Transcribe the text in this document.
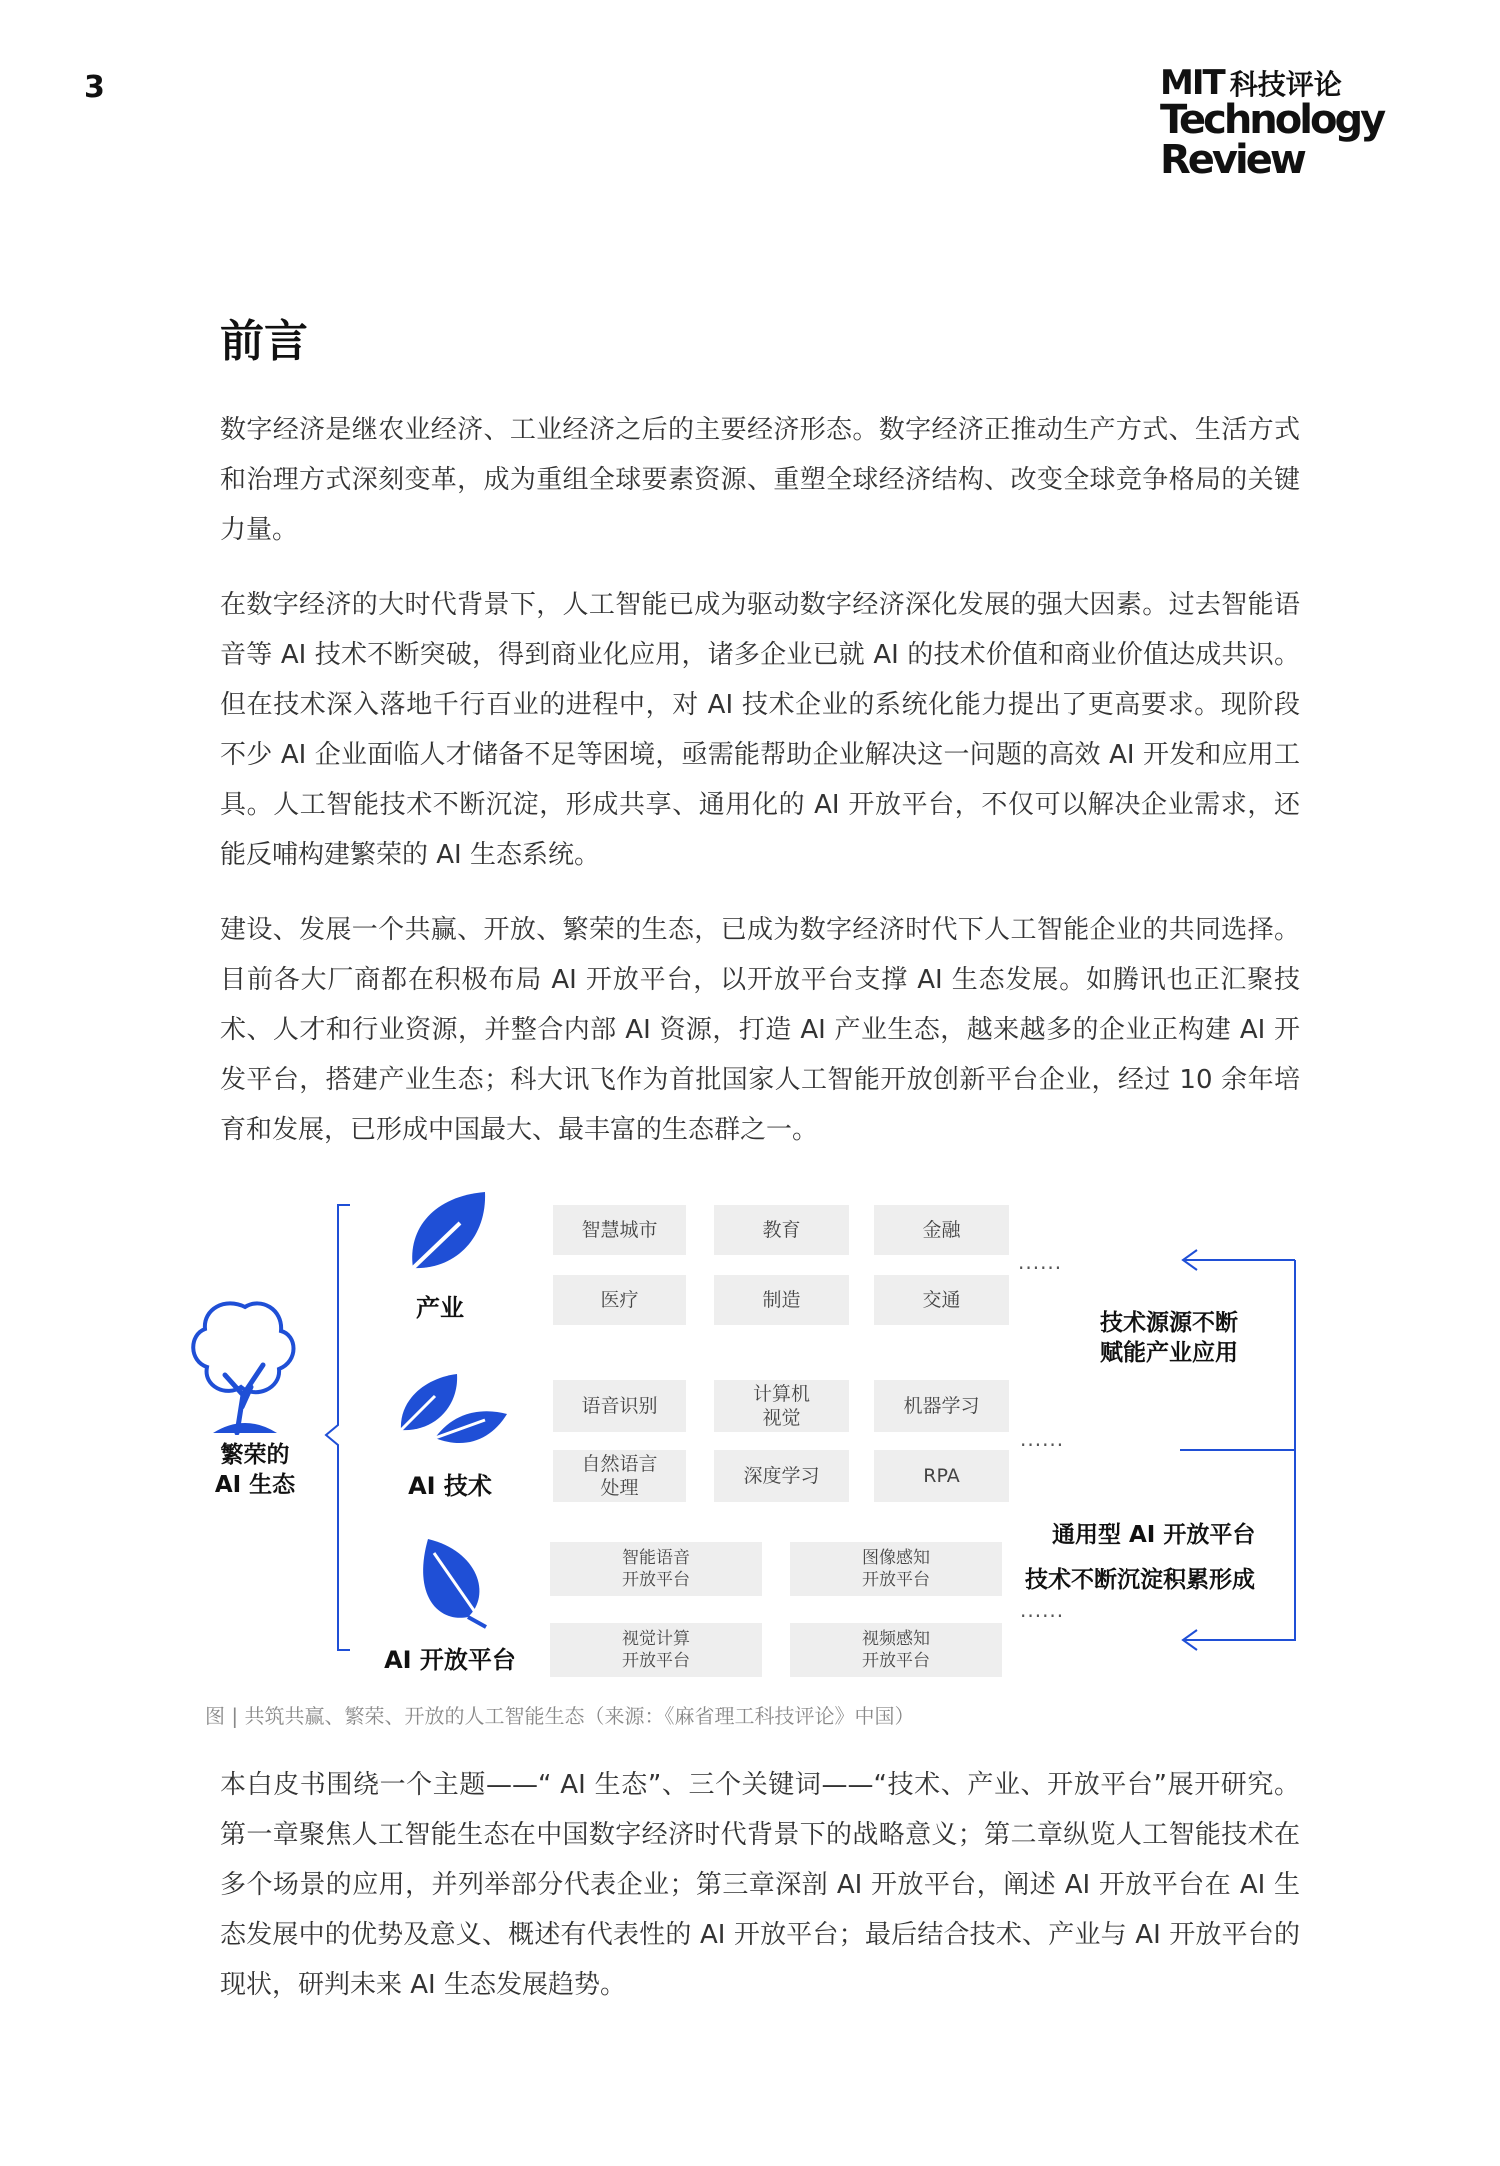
3	MIT 科技评论
Technology
Review
前言

数字经济是继农业经济、工业经济之后的主要经济形态。数字经济正推动生产方式、生活方式和治理方式深刻变革，成为重组全球要素资源、重塑全球经济结构、改变全球竞争格局的关键力量。

在数字经济的大时代背景下，人工智能已成为驱动数字经济深化发展的强大因素。过去智能语音等 AI 技术不断突破，得到商业化应用，诸多企业已就 AI 的技术价值和商业价值达成共识。但在技术深入落地千行百业的进程中，对 AI 技术企业的系统化能力提出了更高要求。现阶段不少 AI 企业面临人才储备不足等困境，亟需能帮助企业解决这一问题的高效 AI 开发和应用工具。人工智能技术不断沉淀，形成共享、通用化的 AI 开放平台，不仅可以解决企业需求，还能反哺构建繁荣的 AI 生态系统。

建设、发展一个共赢、开放、繁荣的生态，已成为数字经济时代下人工智能企业的共同选择。目前各大厂商都在积极布局 AI 开放平台，以开放平台支撑 AI 生态发展。如腾讯也正汇聚技术、人才和行业资源，并整合内部 AI 资源，打造 AI 产业生态，越来越多的企业正构建 AI 开发平台，搭建产业生态；科大讯飞作为首批国家人工智能开放创新平台企业，经过 10 余年培育和发展，已形成中国最大、最丰富的生态群之一。

繁荣的
AI 生态
产业
AI 技术
AI 开放平台
智慧城市	教育	金融
医疗	制造	交通
......
语音识别
计算机
视觉
机器学习
自然语言
处理
深度学习	RPA
......
智能语音
开放平台
图像感知
开放平台
视觉计算
开放平台
视频感知
开放平台
......
技术源源不断
赋能产业应用
通用型 AI 开放平台
技术不断沉淀积累形成
图 | 共筑共赢、繁荣、开放的人工智能生态（来源：《麻省理工科技评论》中国）

本白皮书围绕一个主题——“ AI 生态”、三个关键词——“技术、产业、开放平台”展开研究。第一章聚焦人工智能生态在中国数字经济时代背景下的战略意义；第二章纵览人工智能技术在多个场景的应用，并列举部分代表企业；第三章深剖 AI 开放平台，阐述 AI 开放平台在 AI 生态发展中的优势及意义、概述有代表性的 AI 开放平台；最后结合技术、产业与 AI 开放平台的现状，研判未来 AI 生态发展趋势。
